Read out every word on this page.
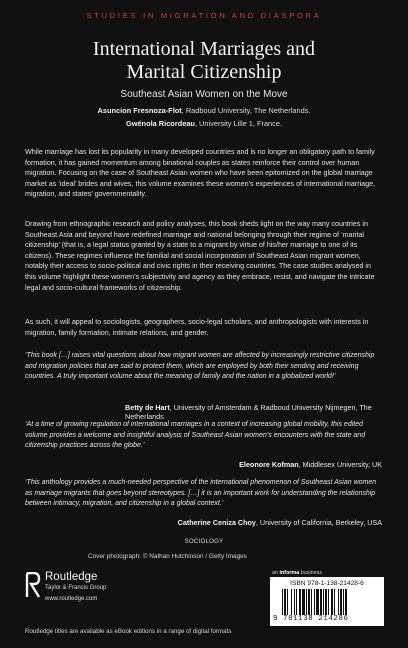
STUDIES IN MIGRATION AND DIASPORA
International Marriages and
Marital Citizenship
Southeast Asian Women on the Move
Asuncion Fresnoza-Flot, Radboud University, The Netherlands.
Gwénola Ricordeau, University Lille 1, France.
While marriage has lost its popularity in many developed countries and is no longer an obligatory path to family formation, it has gained momentum among binational couples as states reinforce their control over human migration. Focusing on the case of Southeast Asian women who have been epitomized on the global marriage market as ‘ideal’ brides and wives, this volume examines these women’s experiences of international marriage, migration, and states’ governmentality.
Drawing from ethnographic research and policy analyses, this book sheds light on the way many countries in Southeast Asia and beyond have redefined marriage and national belonging through their regime of ‘marital citizenship’ (that is, a legal status granted by a state to a migrant by virtue of his/her marriage to one of its citizens). These regimes influence the familial and social incorporation of Southeast Asian migrant women, notably their access to socio-political and civic rights in their receiving countries. The case studies analysed in this volume highlight these women’s subjectivity and agency as they embrace, resist, and navigate the intricate legal and socio-cultural frameworks of citizenship.
As such, it will appeal to sociologists, geographers, socio-legal scholars, and anthropologists with interests in migration, family formation, intimate relations, and gender.
‘This book […] raises vital questions about how migrant women are affected by increasingly restrictive citizenship and migration policies that are said to protect them, which are employed by both their sending and receiving countries. A truly important volume about the meaning of family and the nation in a globalized world!’
Betty de Hart, University of Amsterdam & Radboud University Nijmegen, The Netherlands
‘At a time of growing regulation of international marriages in a context of increasing global mobility, this edited volume provides a welcome and insightful analysis of Southeast Asian women’s encounters with the state and citizenship practices across the globe.’
Eleonore Kofman, Middlesex University, UK
‘This anthology provides a much-needed perspective of the international phenomenon of Southeast Asian women as marriage migrants that goes beyond stereotypes. […] it is an important work for understanding the relationship between intimacy, migration, and citizenship in a global context.’
Catherine Ceniza Choy, University of California, Berkeley, USA
SOCIOLOGY
Cover photograph: © Nathan Hutchinson / Getty Images
Routledge
Taylor & Francis Group
www.routledge.com
an informa business
ISBN 978-1-138-21428-6
9 781138 214286
Routledge titles are available as eBook editions in a range of digital formats
